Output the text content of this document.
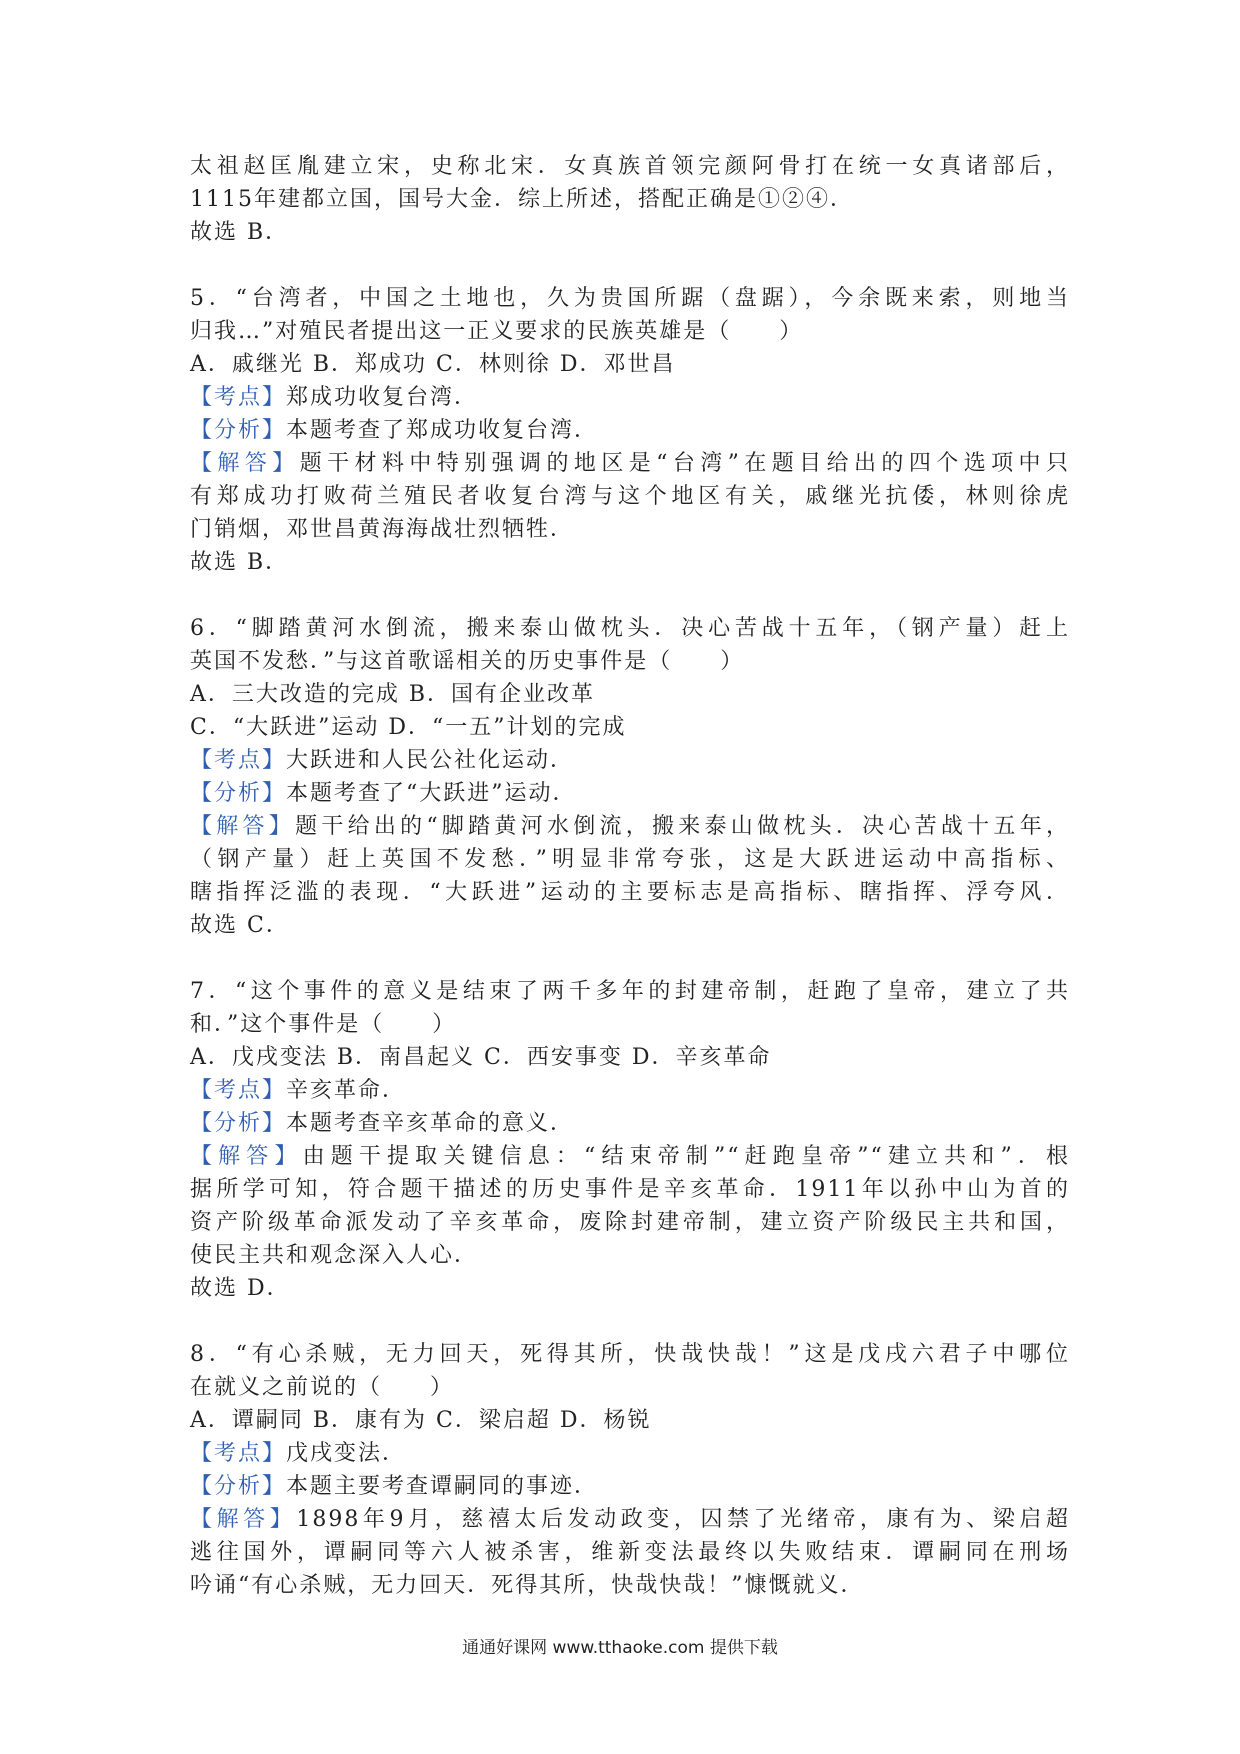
太祖赵匡胤建立宋，史称北宋．女真族首领完颜阿骨打在统一女真诸部后，
1115年建都立国，国号大金．综上所述，搭配正确是①②④．
故选 B．
5．“台湾者，中国之土地也，久为贵国所踞（盘踞），今余既来索，则地当
归我…”对殖民者提出这一正义要求的民族英雄是（　　）
A．戚继光 B．郑成功 C．林则徐 D．邓世昌
【考点】郑成功收复台湾．
【分析】本题考查了郑成功收复台湾．
【解答】题干材料中特别强调的地区是“台湾”在题目给出的四个选项中只
有郑成功打败荷兰殖民者收复台湾与这个地区有关，戚继光抗倭，林则徐虎
门销烟，邓世昌黄海海战壮烈牺牲．
故选 B．
6．“脚踏黄河水倒流，搬来泰山做枕头．决心苦战十五年，（钢产量）赶上
英国不发愁．”与这首歌谣相关的历史事件是（　　）
A．三大改造的完成 B．国有企业改革
C．“大跃进”运动 D．“一五”计划的完成
【考点】大跃进和人民公社化运动．
【分析】本题考查了“大跃进”运动．
【解答】题干给出的“脚踏黄河水倒流，搬来泰山做枕头．决心苦战十五年，
（钢产量）赶上英国不发愁．”明显非常夸张，这是大跃进运动中高指标、
瞎指挥泛滥的表现．“大跃进”运动的主要标志是高指标、瞎指挥、浮夸风．
故选 C．
7．“这个事件的意义是结束了两千多年的封建帝制，赶跑了皇帝，建立了共
和．”这个事件是（　　）
A．戊戌变法 B．南昌起义 C．西安事变 D．辛亥革命
【考点】辛亥革命．
【分析】本题考查辛亥革命的意义．
【解答】由题干提取关键信息：“结束帝制”“赶跑皇帝”“建立共和”．根
据所学可知，符合题干描述的历史事件是辛亥革命．1911年以孙中山为首的
资产阶级革命派发动了辛亥革命，废除封建帝制，建立资产阶级民主共和国，
使民主共和观念深入人心．
故选 D．
8．“有心杀贼，无力回天，死得其所，快哉快哉！”这是戊戌六君子中哪位
在就义之前说的（　　）
A．谭嗣同 B．康有为 C．梁启超 D．杨锐
【考点】戊戌变法．
【分析】本题主要考查谭嗣同的事迹．
【解答】1898年9月，慈禧太后发动政变，囚禁了光绪帝，康有为、梁启超
逃往国外，谭嗣同等六人被杀害，维新变法最终以失败结束．谭嗣同在刑场
吟诵“有心杀贼，无力回天．死得其所，快哉快哉！”慷慨就义．
通通好课网 www.tthaoke.com 提供下载
